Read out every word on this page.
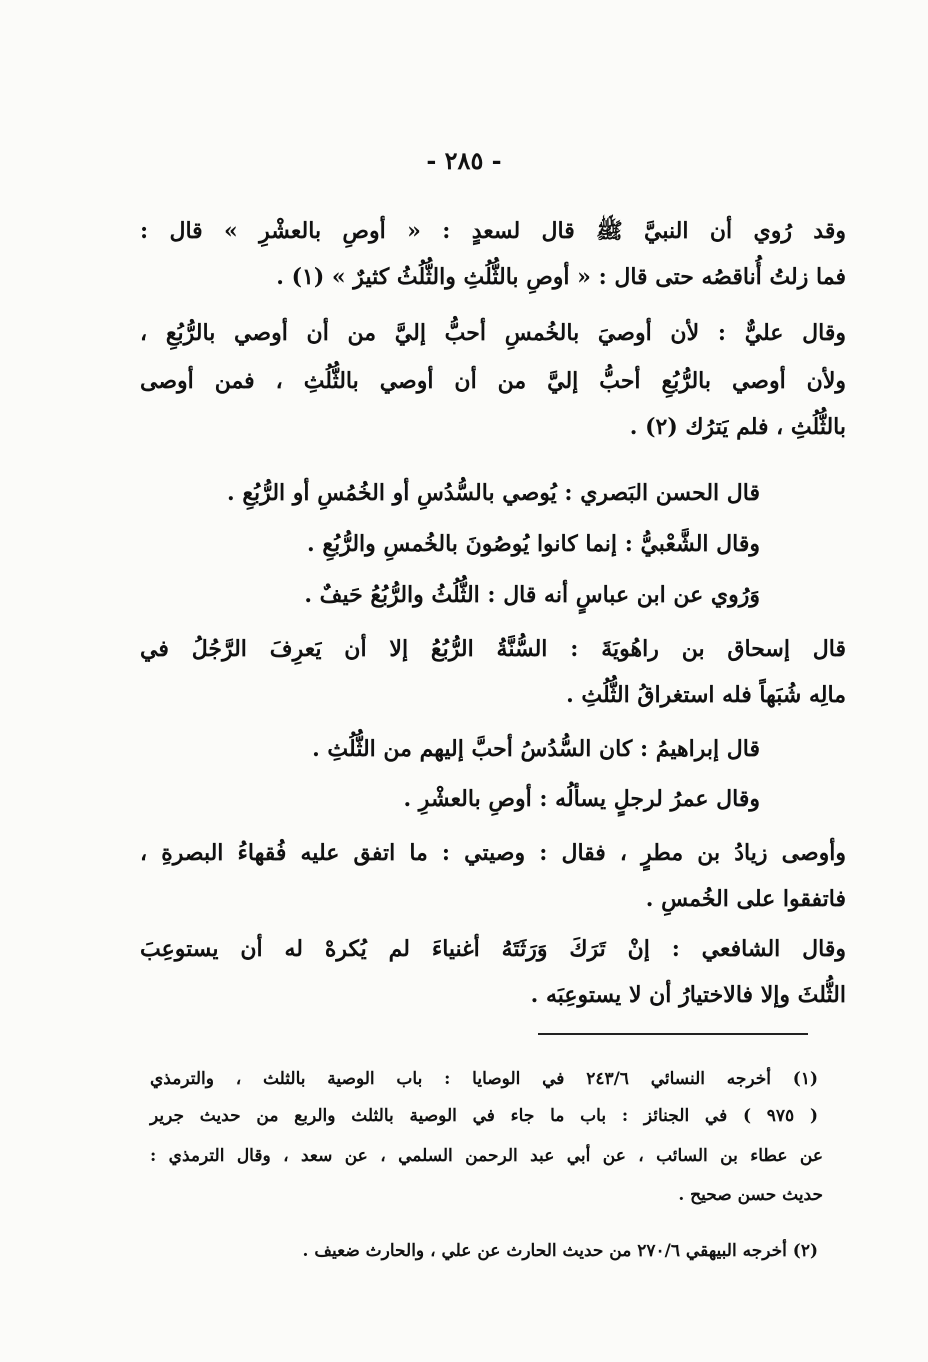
- ٢٨٥ -
وقد رُوي أن النبيَّ ﷺ قال لسعدٍ : « أوصِ بالعشْرِ » قال :
فما زلتُ أُناقصُه حتى قال : « أوصِ بالثُّلُثِ والثُّلُثُ كثيرٌ » (١) .
وقال عليٌّ : لأن أوصيَ بالخُمسِ أحبُّ إليَّ من أن أوصي بالرُّبُعِ ،
ولأن أوصي بالرُّبُعِ أحبُّ إليَّ من أن أوصي بالثُّلُثِ ، فمن أوصى
بالثُّلُثِ ، فلم يَترُك (٢) .
قال الحسن البَصري : يُوصي بالسُّدُسِ أو الخُمُسِ أو الرُّبُعِ .
وقال الشَّعْبيُّ : إنما كانوا يُوصُونَ بالخُمسِ والرُّبُعِ .
وَرُوي عن ابن عباسٍ أنه قال : الثُّلُثُ والرُّبُعُ حَيفٌ .
قال إسحاق بن راهُويَةَ : السُّنَّةُ الرُّبُعُ إلا أن يَعرِفَ الرَّجُلُ في
مالِه شُبَهاً فله استغراقُ الثُّلُثِ .
قال إبراهيمُ : كان السُّدُسُ أحبَّ إليهم من الثُّلُثِ .
وقال عمرُ لرجلٍ يسألُه : أوصِ بالعشْرِ .
وأوصى زيادُ بن مطرٍ ، فقال : وصيتي : ما اتفق عليه فُقهاءُ البصرةِ ،
فاتفقوا على الخُمسِ .
وقال الشافعي : إنْ تَرَكَ وَرَثَتَهُ أغنياءَ لم يُكرهْ له أن يستوعِبَ
الثُّلثَ وإلا فالاختيارُ أن لا يستوعِبَه .
(١) أخرجه النسائي ٢٤٣/٦ في الوصايا : باب الوصية بالثلث ، والترمذي
( ٩٧٥ ) في الجنائز : باب ما جاء في الوصية بالثلث والربع من حديث جرير
عن عطاء بن السائب ، عن أبي عبد الرحمن السلمي ، عن سعد ، وقال الترمذي :
حديث حسن صحيح .
(٢) أخرجه البيهقي ٢٧٠/٦ من حديث الحارث عن علي ، والحارث ضعيف .
